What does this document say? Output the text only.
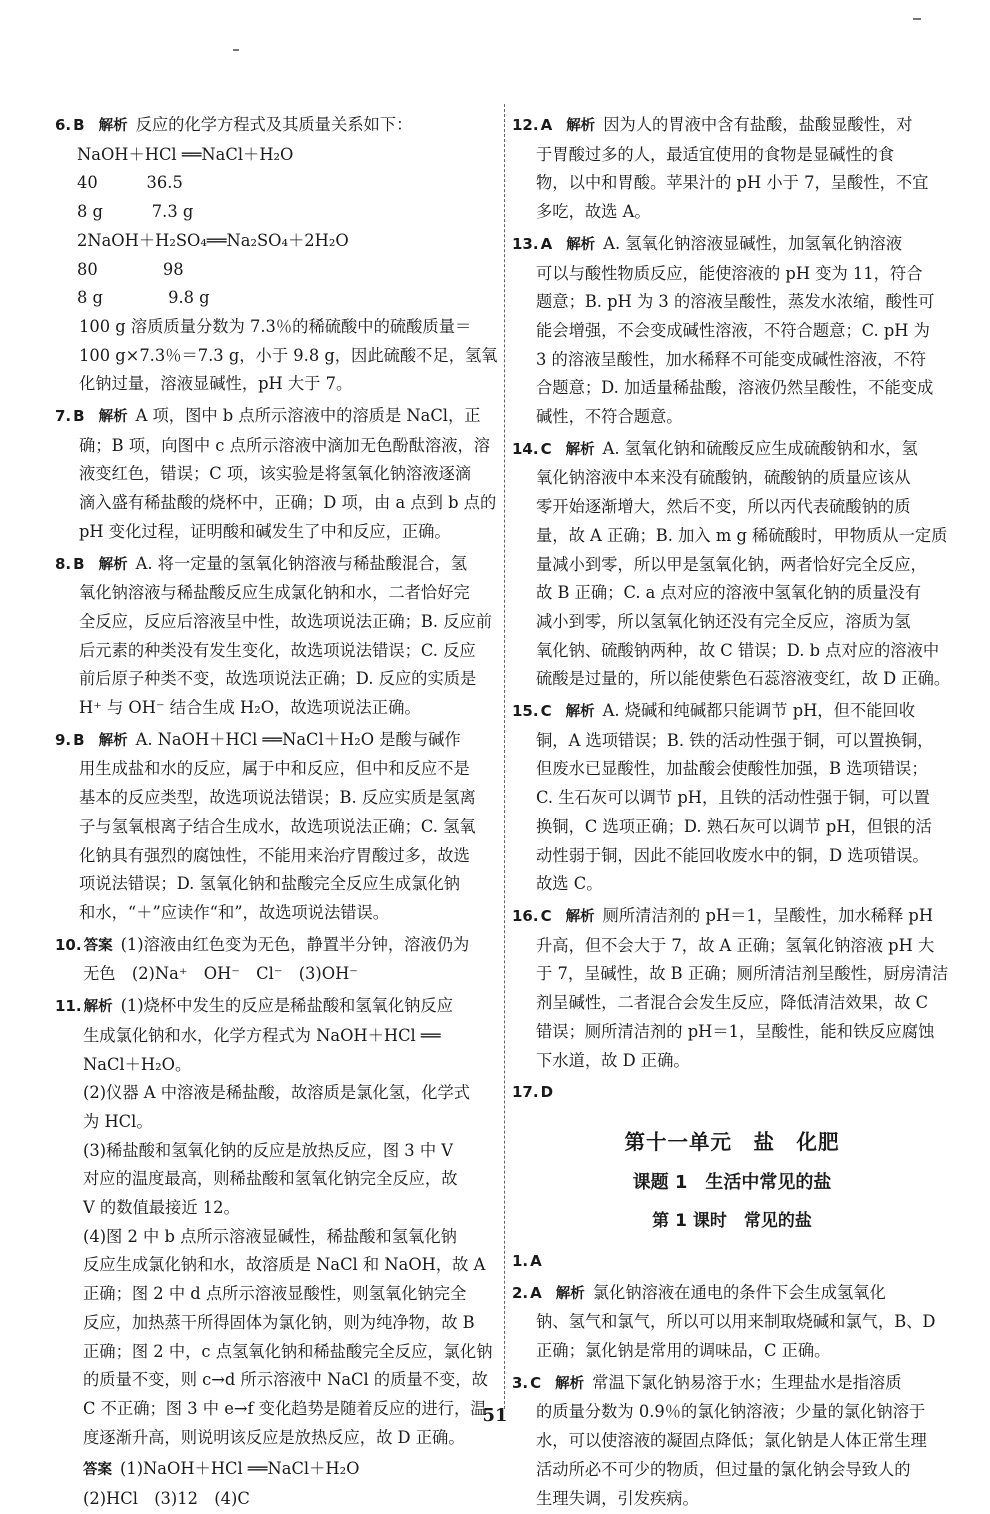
6. B 解析 反应的化学方程式及其质量关系如下：
NaOH＋HCl ══NaCl＋H₂O
40　　　36.5
8 g　　　7.3 g
2NaOH＋H₂SO₄══Na₂SO₄＋2H₂O
80　　　　98
8 g　　　　9.8 g
100 g 溶质质量分数为 7.3％的稀硫酸中的硫酸质量＝
100 g×7.3％＝7.3 g，小于 9.8 g，因此硫酸不足，氢氧
化钠过量，溶液显碱性，pH 大于 7。
7. B 解析 A 项，图中 b 点所示溶液中的溶质是 NaCl，正
确；B 项，向图中 c 点所示溶液中滴加无色酚酞溶液，溶
液变红色，错误；C 项，该实验是将氢氧化钠溶液逐滴
滴入盛有稀盐酸的烧杯中，正确；D 项，由 a 点到 b 点的
pH 变化过程，证明酸和碱发生了中和反应，正确。
8. B 解析 A. 将一定量的氢氧化钠溶液与稀盐酸混合，氢
氧化钠溶液与稀盐酸反应生成氯化钠和水，二者恰好完
全反应，反应后溶液呈中性，故选项说法正确；B. 反应前
后元素的种类没有发生变化，故选项说法错误；C. 反应
前后原子种类不变，故选项说法正确；D. 反应的实质是
H⁺ 与 OH⁻ 结合生成 H₂O，故选项说法正确。
9. B 解析 A. NaOH＋HCl ══NaCl＋H₂O 是酸与碱作
用生成盐和水的反应，属于中和反应，但中和反应不是
基本的反应类型，故选项说法错误；B. 反应实质是氢离
子与氢氧根离子结合生成水，故选项说法正确；C. 氢氧
化钠具有强烈的腐蚀性，不能用来治疗胃酸过多，故选
项说法错误；D. 氢氧化钠和盐酸完全反应生成氯化钠
和水，“＋”应读作“和”，故选项说法错误。
10. 答案 (1)溶液由红色变为无色，静置半分钟，溶液仍为
无色　(2)Na⁺　OH⁻　Cl⁻　(3)OH⁻
11. 解析 (1)烧杯中发生的反应是稀盐酸和氢氧化钠反应
生成氯化钠和水，化学方程式为 NaOH＋HCl ══
NaCl＋H₂O。
(2)仪器 A 中溶液是稀盐酸，故溶质是氯化氢，化学式
为 HCl。
(3)稀盐酸和氢氧化钠的反应是放热反应，图 3 中 V
对应的温度最高，则稀盐酸和氢氧化钠完全反应，故
V 的数值最接近 12。
(4)图 2 中 b 点所示溶液显碱性，稀盐酸和氢氧化钠
反应生成氯化钠和水，故溶质是 NaCl 和 NaOH，故 A
正确；图 2 中 d 点所示溶液显酸性，则氢氧化钠完全
反应，加热蒸干所得固体为氯化钠，则为纯净物，故 B
正确；图 2 中，c 点氢氧化钠和稀盐酸完全反应，氯化钠
的质量不变，则 c→d 所示溶液中 NaCl 的质量不变，故
C 不正确；图 3 中 e→f 变化趋势是随着反应的进行，温
度逐渐升高，则说明该反应是放热反应，故 D 正确。
答案 (1)NaOH＋HCl ══NaCl＋H₂O
(2)HCl　(3)12　(4)C
12. A 解析 因为人的胃液中含有盐酸，盐酸显酸性，对
于胃酸过多的人，最适宜使用的食物是显碱性的食
物，以中和胃酸。苹果汁的 pH 小于 7，呈酸性，不宜
多吃，故选 A。
13. A 解析 A. 氢氧化钠溶液显碱性，加氢氧化钠溶液
可以与酸性物质反应，能使溶液的 pH 变为 11，符合
题意；B. pH 为 3 的溶液呈酸性，蒸发水浓缩，酸性可
能会增强，不会变成碱性溶液，不符合题意；C. pH 为
3 的溶液呈酸性，加水稀释不可能变成碱性溶液，不符
合题意；D. 加适量稀盐酸，溶液仍然呈酸性，不能变成
碱性，不符合题意。
14. C 解析 A. 氢氧化钠和硫酸反应生成硫酸钠和水，氢
氧化钠溶液中本来没有硫酸钠，硫酸钠的质量应该从
零开始逐渐增大，然后不变，所以丙代表硫酸钠的质
量，故 A 正确；B. 加入 m g 稀硫酸时，甲物质从一定质
量减小到零，所以甲是氢氧化钠，两者恰好完全反应，
故 B 正确；C. a 点对应的溶液中氢氧化钠的质量没有
减小到零，所以氢氧化钠还没有完全反应，溶质为氢
氧化钠、硫酸钠两种，故 C 错误；D. b 点对应的溶液中
硫酸是过量的，所以能使紫色石蕊溶液变红，故 D 正确。
15. C 解析 A. 烧碱和纯碱都只能调节 pH，但不能回收
铜，A 选项错误；B. 铁的活动性强于铜，可以置换铜，
但废水已显酸性，加盐酸会使酸性加强，B 选项错误；
C. 生石灰可以调节 pH，且铁的活动性强于铜，可以置
换铜，C 选项正确；D. 熟石灰可以调节 pH，但银的活
动性弱于铜，因此不能回收废水中的铜，D 选项错误。
故选 C。
16. C 解析 厕所清洁剂的 pH＝1，呈酸性，加水稀释 pH
升高，但不会大于 7，故 A 正确；氢氧化钠溶液 pH 大
于 7，呈碱性，故 B 正确；厕所清洁剂呈酸性，厨房清洁
剂呈碱性，二者混合会发生反应，降低清洁效果，故 C
错误；厕所清洁剂的 pH＝1，呈酸性，能和铁反应腐蚀
下水道，故 D 正确。
17. D
第十一单元　盐　化肥
课题 1　生活中常见的盐
第 1 课时　常见的盐
1. A
2. A 解析 氯化钠溶液在通电的条件下会生成氢氧化
钠、氢气和氯气，所以可以用来制取烧碱和氯气，B、D
正确；氯化钠是常用的调味品，C 正确。
3. C 解析 常温下氯化钠易溶于水；生理盐水是指溶质
的质量分数为 0.9％的氯化钠溶液；少量的氯化钠溶于
水，可以使溶液的凝固点降低；氯化钠是人体正常生理
活动所必不可少的物质，但过量的氯化钠会导致人的
生理失调，引发疾病。
51
